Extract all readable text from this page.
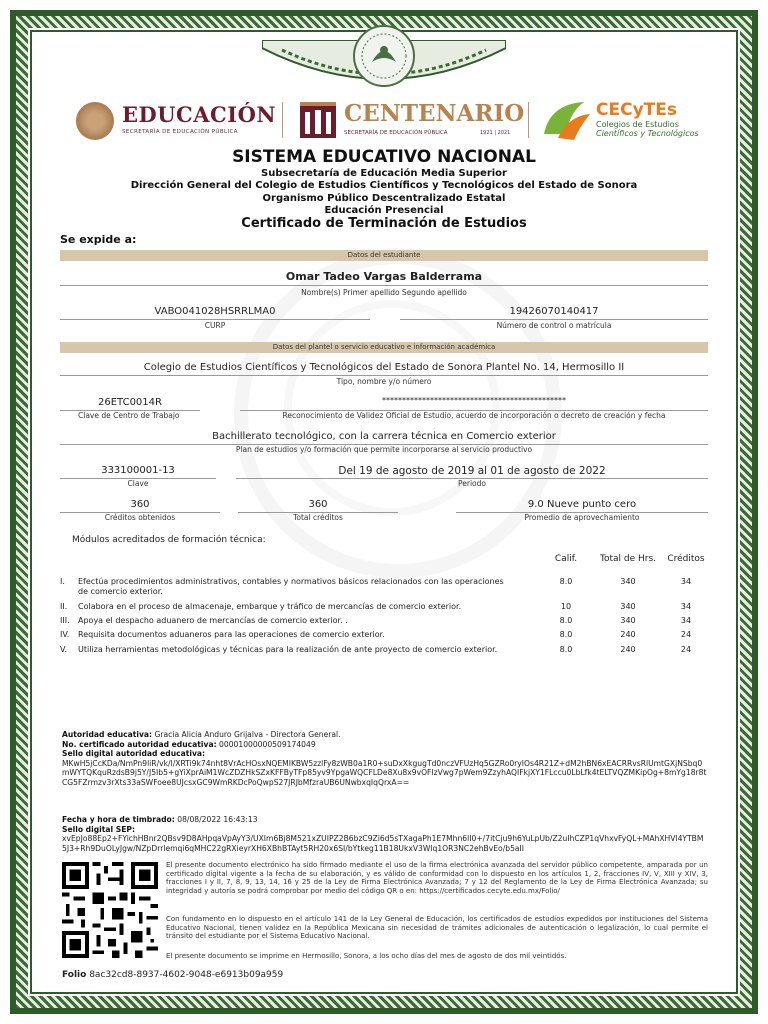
EDUCACIÓN
SECRETARÍA DE EDUCACIÓN PÚBLICA
CENTENARIO
SECRETARÍA DE EDUCACIÓN PÚBLICA	1921 | 2021
CECyTEs
Colegios de Estudios
Científicos y Tecnológicos
SISTEMA EDUCATIVO NACIONAL
Subsecretaría de Educación Media Superior
Dirección General del Colegio de Estudios Científicos y Tecnológicos del Estado de Sonora
Organismo Público Descentralizado Estatal
Educación Presencial
Certificado de Terminación de Estudios
Se expide a:
Datos del estudiante
Omar Tadeo Vargas Balderrama
Nombre(s) Primer apellido Segundo apellido
VABO041028HSRRLMA0
CURP
19426070140417
Número de control o matrícula
Datos del plantel o servicio educativo e información académica
Colegio de Estudios Científicos y Tecnológicos del Estado de Sonora Plantel No. 14, Hermosillo II
Tipo, nombre y/o número
26ETC0014R
Clave de Centro de Trabajo
**********************************************
Reconocimiento de Validez Oficial de Estudio, acuerdo de incorporación o decreto de creación y fecha
Bachillerato tecnológico, con la carrera técnica en Comercio exterior
Plan de estudios y/o formación que permite incorporarse al servicio productivo
333100001-13
Clave
Del 19 de agosto de 2019 al 01 de agosto de 2022
Periodo
360
Créditos obtenidos
360
Total créditos
9.0 Nueve punto cero
Promedio de aprovechamiento
Módulos acreditados de formación técnica:
Calif.	Total de Hrs.	Créditos
I. Efectúa procedimientos administrativos, contables y normativos básicos relacionados con las operaciones de comercio exterior.
8.0	340	34
II. Colabora en el proceso de almacenaje, embarque y tráfico de mercancías de comercio exterior.	10	340	34
III. Apoya el despacho aduanero de mercancías de comercio exterior. .	8.0	340	34
IV. Requisita documentos aduaneros para las operaciones de comercio exterior.	8.0	240	24
V. Utiliza herramientas metodológicas y técnicas para la realización de ante proyecto de comercio exterior.	8.0	240	24
Autoridad educativa: Gracia Alicia Anduro Grijalva - Directora General.
No. certificado autoridad educativa: 00001000000509174049
Sello digital autoridad educativa:
MKwH5jCcKDa/NmPn9liR/vk/l/XRTi9k74nht8VrAcHOsxNQEMIKBW5zzlFy8zWB0a1R0+suDxXkgugTd0nczVFUzHq5GZRo0ryIOs4R21Z+dM2hBN6xEACRRvsRlUmtGXjNSbq0mWYTQKquRzdsB9j5Y/J5Ib5+gYiXprAiM1WcZDZHkSZxKFFByTFp85yv9YpgaWQCFLDe8Xu8x9vOFIzVwg7pWem9ZzyhAQIFkjXY1FLccu0LbLfk4tELTVQZMKipOg+8mYg18r8tCG5FZrmzv3rXts33aSWFoee8UJcsxGC9WmRKDcPoQwpS27JRJbMfzraUB6UNwbxqIqQrxA==
Fecha y hora de timbrado: 08/08/2022 16:43:13
Sello digital SEP:
xvEpJo88Ep2+FYichHBnr2QBsv9D8AHpqaVpAyY3/UXIm6Bj8M521xZUIPZ2B6bzC9Zi6d5sTXagaPh1E7Mhn6lI0+/7itCju9h6YuLpUb/Z2uIhCZP1qVhxvFyQL+MAhXHVl4YTBM5J3+Rh9DuOLyJgw/NZpDrrlemqi6qMHC22gRXieyrXH6XBhBTAyt5RH20x6SI/bYtkeg11B18UkxV3Wlq1OR3NC2ehBvEo/b5aII
El presente documento electrónico ha sido firmado mediante el uso de la firma electrónica avanzada del servidor público competente, amparada por un certificado digital vigente a la fecha de su elaboración, y es válido de conformidad con lo dispuesto en los artículos 1, 2, fracciones IV, V, XIII y XIV, 3, fracciones I y II, 7, 8, 9, 13, 14, 16 y 25 de la Ley de Firma Electrónica Avanzada; 7 y 12 del Reglamento de la Ley de Firma Electrónica Avanzada; su integridad y autoría se podrá comprobar por medio del código QR o en: https://certificados.cecyte.edu.mx/Folio/
Con fundamento en lo dispuesto en el artículo 141 de la Ley General de Educación, los certificados de estudios expedidos por instituciones del Sistema Educativo Nacional, tienen validez en la República Mexicana sin necesidad de trámites adicionales de autenticación o legalización, lo cual permite el tránsito del estudiante por el Sistema Educativo Nacional.
El presente documento se imprime en Hermosillo, Sonora, a los ocho días del mes de agosto de dos mil veintidós.
Folio 8ac32cd8-8937-4602-9048-e6913b09a959
